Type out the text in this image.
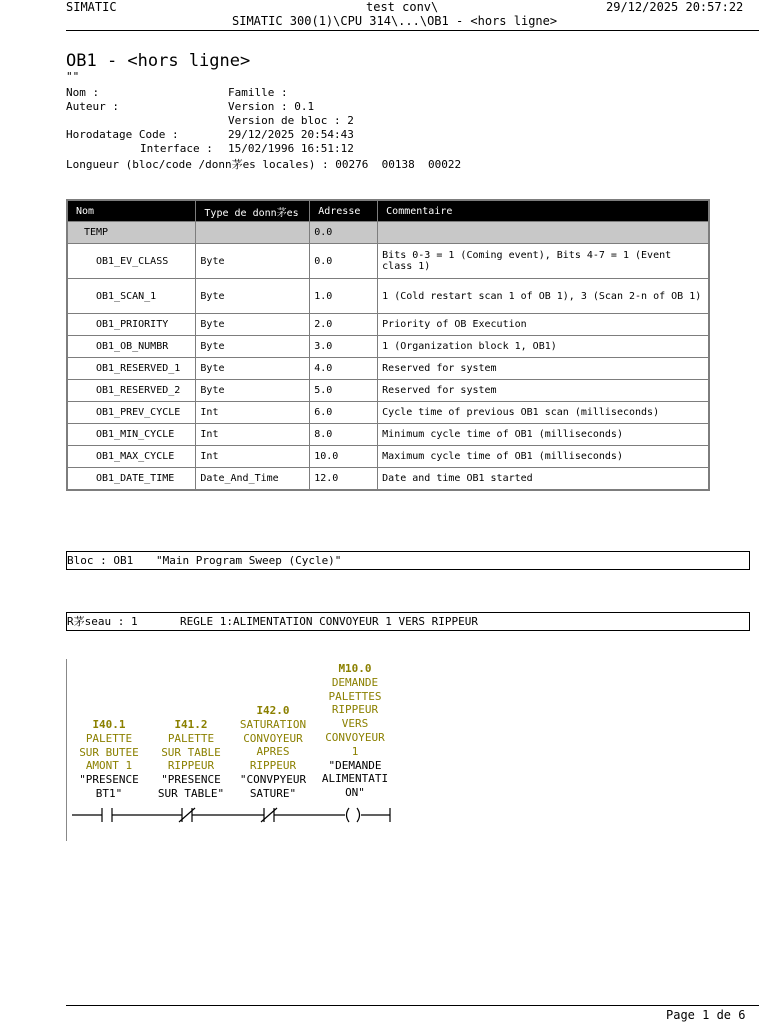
SIMATIC	test conv\	29/12/2025 20:57:22
SIMATIC 300(1)\CPU 314\...\OB1 - <hors ligne>
OB1 - <hors ligne>
""
Nom :	Famille :
Auteur :	Version : 0.1
Version de bloc : 2
Horodatage Code :	29/12/2025 20:54:43
Interface : 15/02/1996 16:51:12
Longueur (bloc/code /donn茅es locales) : 00276  00138  00022
Nom	Type de donn茅es	Adresse	Commentaire
TEMP		0.0	
OB1_EV_CLASS	Byte	0.0	Bits 0-3 = 1 (Coming event), Bits 4-7 = 1 (Event class 1)
OB1_SCAN_1	Byte	1.0	1 (Cold restart scan 1 of OB 1), 3 (Scan 2-n of OB 1)
OB1_PRIORITY	Byte	2.0	Priority of OB Execution
OB1_OB_NUMBR	Byte	3.0	1 (Organization block 1, OB1)
OB1_RESERVED_1	Byte	4.0	Reserved for system
OB1_RESERVED_2	Byte	5.0	Reserved for system
OB1_PREV_CYCLE	Int	6.0	Cycle time of previous OB1 scan (milliseconds)
OB1_MIN_CYCLE	Int	8.0	Minimum cycle time of OB1 (milliseconds)
OB1_MAX_CYCLE	Int	10.0	Maximum cycle time of OB1 (milliseconds)
OB1_DATE_TIME	Date_And_Time	12.0	Date and time OB1 started
Bloc : OB1 "Main Program Sweep (Cycle)"
R茅seau : 1	REGLE 1:ALIMENTATION CONVOYEUR 1 VERS RIPPEUR
I40.1
PALETTE
SUR BUTEE
AMONT 1
"PRESENCE
BT1"
I41.2
PALETTE
SUR TABLE
RIPPEUR
"PRESENCE
SUR TABLE"
I42.0
SATURATION
CONVOYEUR
APRES
RIPPEUR
"CONVPYEUR
SATURE"
M10.0
DEMANDE
PALETTES
RIPPEUR
VERS
CONVOYEUR
1
"DEMANDE
ALIMENTATI
ON"
Page 1 de 6
